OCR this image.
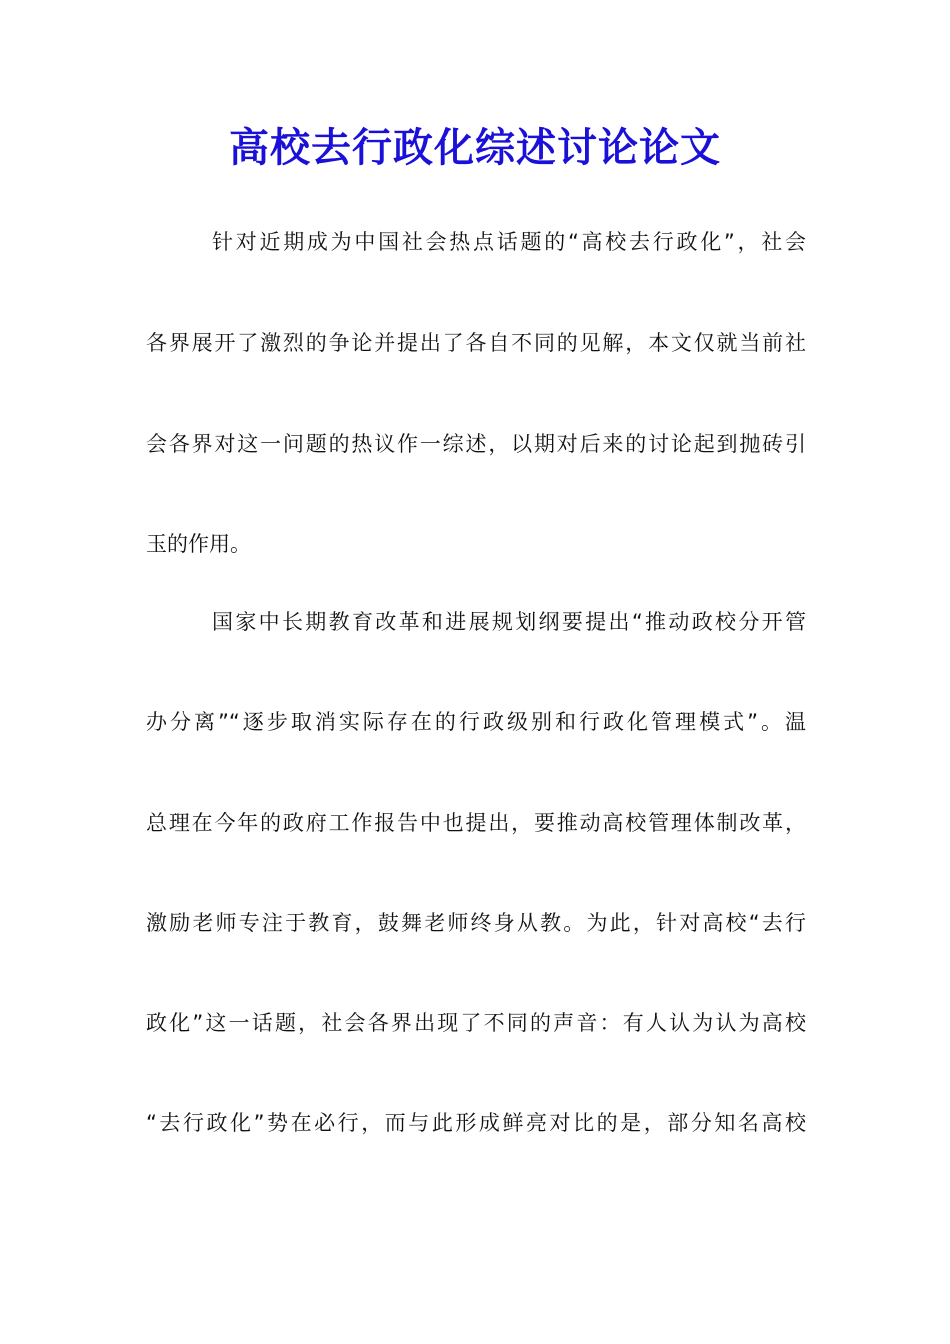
高校去行政化综述讨论论文
针对近期成为中国社会热点话题的“高校去行政化”，社会
各界展开了激烈的争论并提出了各自不同的见解，本文仅就当前社
会各界对这一问题的热议作一综述，以期对后来的讨论起到抛砖引
玉的作用。
国家中长期教育改革和进展规划纲要提出“推动政校分开管
办分离”“逐步取消实际存在的行政级别和行政化管理模式”。温
总理在今年的政府工作报告中也提出，要推动高校管理体制改革，
激励老师专注于教育，鼓舞老师终身从教。为此，针对高校“去行
政化”这一话题，社会各界出现了不同的声音：有人认为认为高校
“去行政化”势在必行，而与此形成鲜亮对比的是，部分知名高校
